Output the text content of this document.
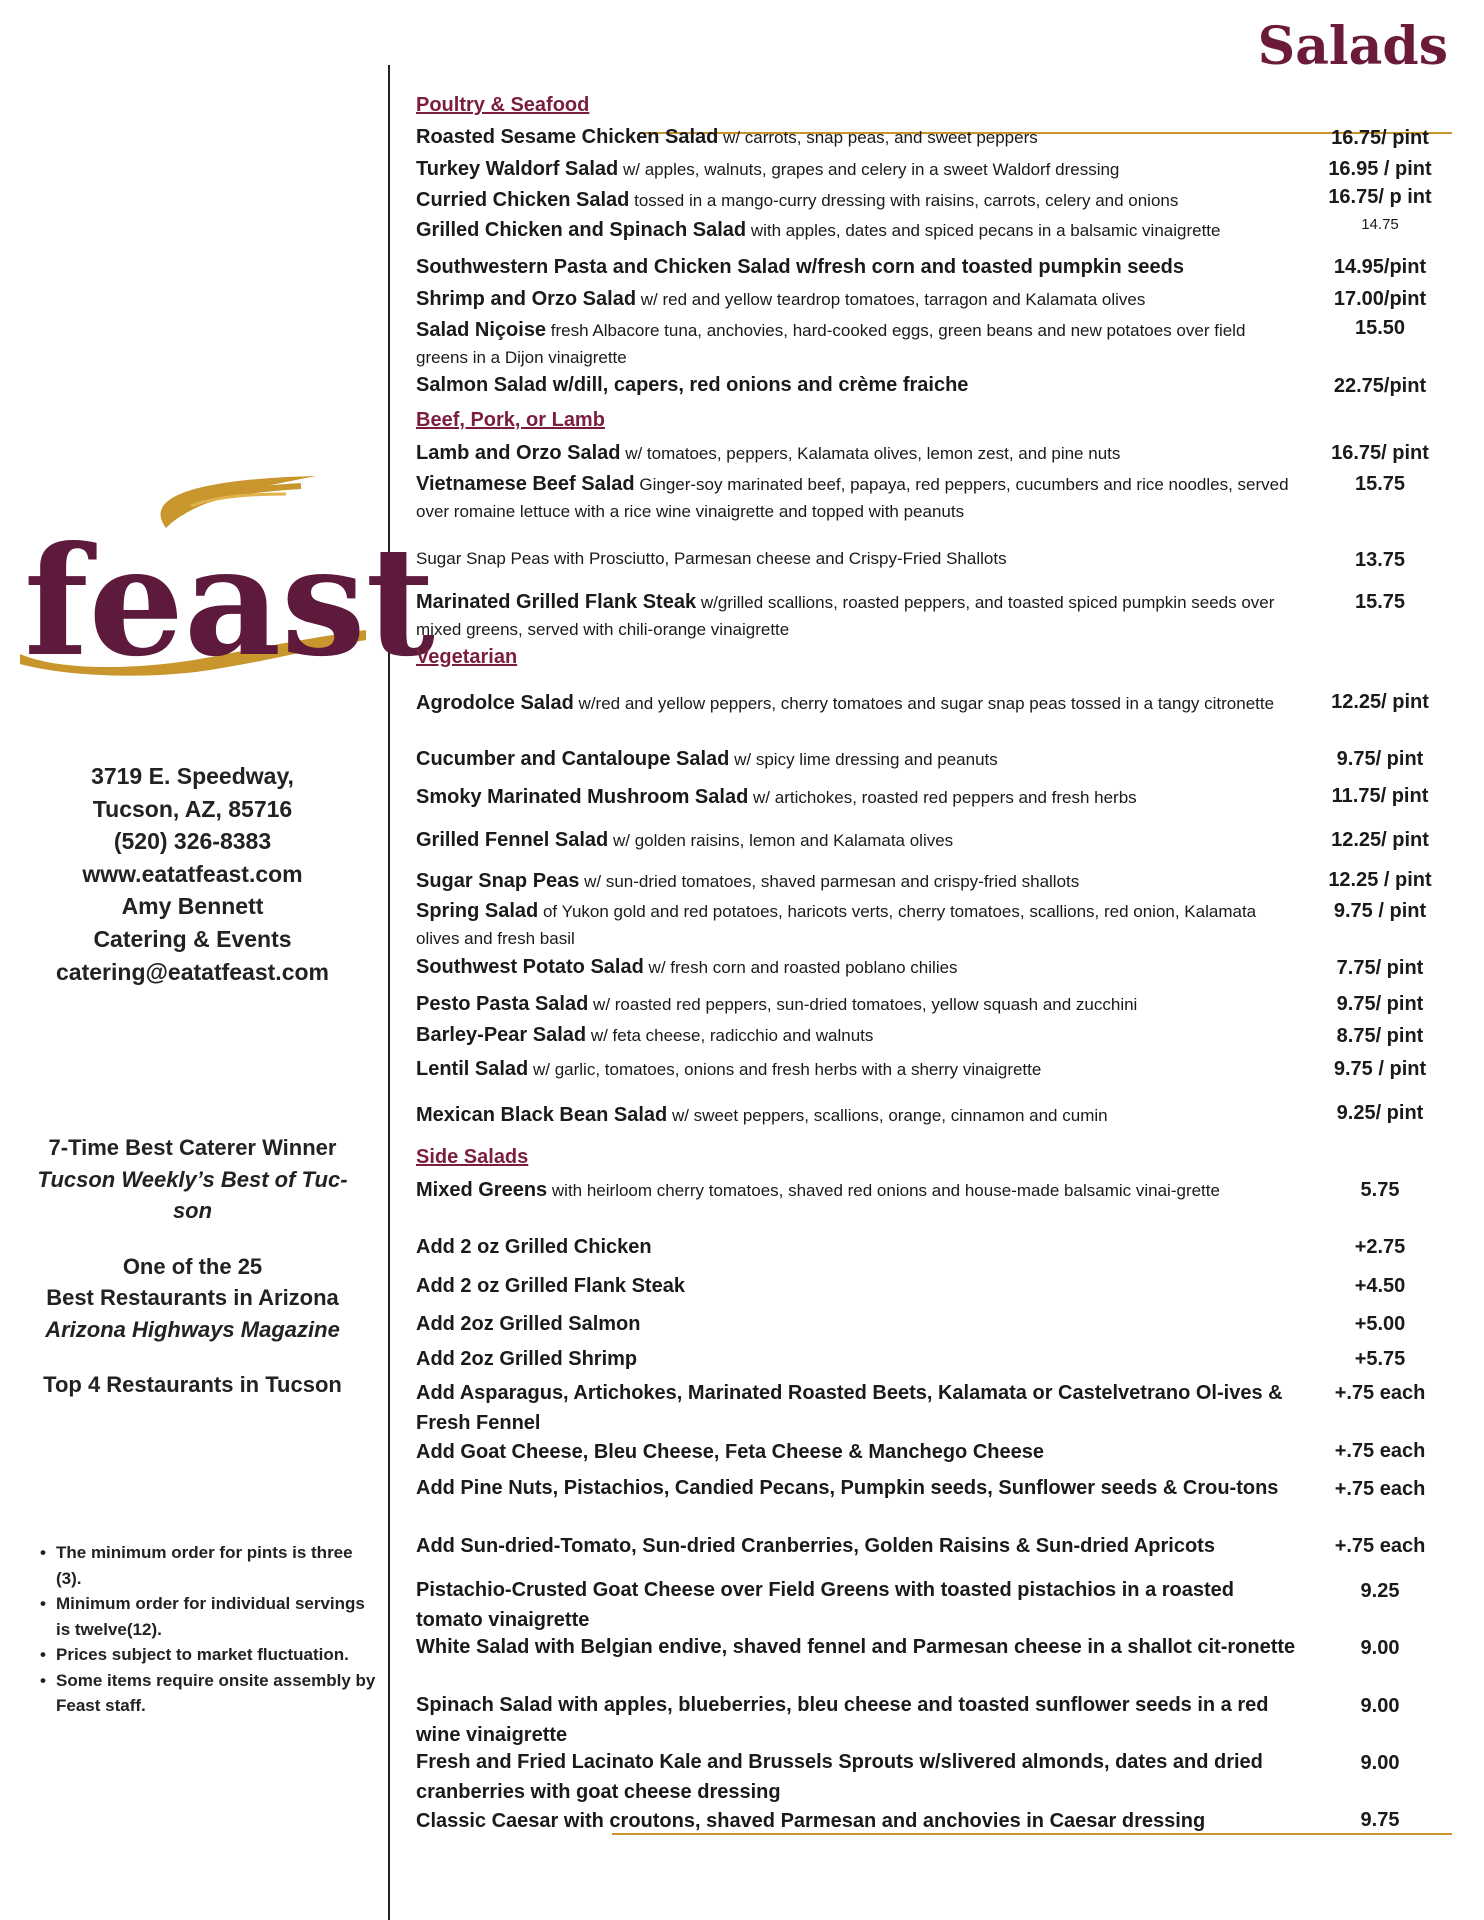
Salads
feast
3719 E. Speedway,
Tucson, AZ, 85716
(520) 326-8383
www.eatatfeast.com
Amy Bennett
Catering & Events
catering@eatatfeast.com
7-Time Best Caterer Winner
Tucson Weekly’s Best of Tuc-
son
One of the 25
Best Restaurants in Arizona
Arizona Highways Magazine
Top 4 Restaurants in Tucson
• The minimum order for pints is three (3).
• Minimum order for individual servings is twelve(12).
• Prices subject to market fluctuation.
• Some items require onsite assembly by Feast staff.
Poultry & Seafood
Roasted Sesame Chicken Salad w/ carrots, snap peas, and sweet peppers	16.75/ pint
Turkey Waldorf Salad w/ apples, walnuts, grapes and celery in a sweet Waldorf dressing	16.95 / pint
Curried Chicken Salad tossed in a mango-curry dressing with raisins, carrots, celery and onions	16.75/ p int
Grilled Chicken and Spinach Salad with apples, dates and spiced pecans in a balsamic vinaigrette	14.75
Southwestern Pasta and Chicken Salad w/fresh corn and toasted pumpkin seeds	14.95/pint
Shrimp and Orzo Salad w/ red and yellow teardrop tomatoes, tarragon and Kalamata olives	17.00/pint
Salad Niçoise fresh Albacore tuna, anchovies, hard-cooked eggs, green beans and new potatoes over field greens in a Dijon vinaigrette
15.50
Salmon Salad w/dill, capers, red onions and crème fraiche	22.75/pint
Beef, Pork, or Lamb
Lamb and Orzo Salad w/ tomatoes, peppers, Kalamata olives, lemon zest, and pine nuts	16.75/ pint
Vietnamese Beef Salad Ginger-soy marinated beef, papaya, red peppers, cucumbers and rice noodles, served over romaine lettuce with a rice wine vinaigrette and topped with peanuts
15.75
Sugar Snap Peas with Prosciutto, Parmesan cheese and Crispy-Fried Shallots	13.75
Marinated Grilled Flank Steak w/grilled scallions, roasted peppers, and toasted spiced pumpkin seeds over mixed greens, served with chili-orange vinaigrette
15.75
Vegetarian
Agrodolce Salad w/red and yellow peppers, cherry tomatoes and sugar snap peas tossed in a tangy citronette	12.25/ pint
Cucumber and Cantaloupe Salad w/ spicy lime dressing and peanuts	9.75/ pint
Smoky Marinated Mushroom Salad w/ artichokes, roasted red peppers and fresh herbs	11.75/ pint
Grilled Fennel Salad w/ golden raisins, lemon and Kalamata olives	12.25/ pint
Sugar Snap Peas w/ sun-dried tomatoes, shaved parmesan and crispy-fried shallots	12.25 / pint
Spring Salad of Yukon gold and red potatoes, haricots verts, cherry tomatoes, scallions, red onion, Kalamata olives and fresh basil
9.75 / pint
Southwest Potato Salad w/ fresh corn and roasted poblano chilies	7.75/ pint
Pesto Pasta Salad w/ roasted red peppers, sun-dried tomatoes, yellow squash and zucchini	9.75/ pint
Barley-Pear Salad w/ feta cheese, radicchio and walnuts	8.75/ pint
Lentil Salad w/ garlic, tomatoes, onions and fresh herbs with a sherry vinaigrette	9.75 / pint
Mexican Black Bean Salad w/ sweet peppers, scallions, orange, cinnamon and cumin	9.25/ pint
Side Salads
Mixed Greens with heirloom cherry tomatoes, shaved red onions and house-made balsamic vinai-grette	5.75
Add 2 oz Grilled Chicken	+2.75
Add 2 oz Grilled Flank Steak	+4.50
Add 2oz Grilled Salmon	+5.00
Add 2oz Grilled Shrimp	+5.75
Add Asparagus, Artichokes, Marinated Roasted Beets, Kalamata or Castelvetrano Ol-ives & Fresh Fennel
+.75 each
Add Goat Cheese, Bleu Cheese, Feta Cheese & Manchego Cheese	+.75 each
Add Pine Nuts, Pistachios, Candied Pecans, Pumpkin seeds, Sunflower seeds & Crou-tons	+.75 each
Add Sun-dried-Tomato, Sun-dried Cranberries, Golden Raisins & Sun-dried Apricots	+.75 each
Pistachio-Crusted Goat Cheese over Field Greens with toasted pistachios in a roasted tomato vinaigrette
9.25
White Salad with Belgian endive, shaved fennel and Parmesan cheese in a shallot cit-ronette	9.00
Spinach Salad with apples, blueberries, bleu cheese and toasted sunflower seeds in a red wine vinaigrette
9.00
Fresh and Fried Lacinato Kale and Brussels Sprouts w/slivered almonds, dates and dried cranberries with goat cheese dressing
9.00
Classic Caesar with croutons, shaved Parmesan and anchovies in Caesar dressing	9.75
